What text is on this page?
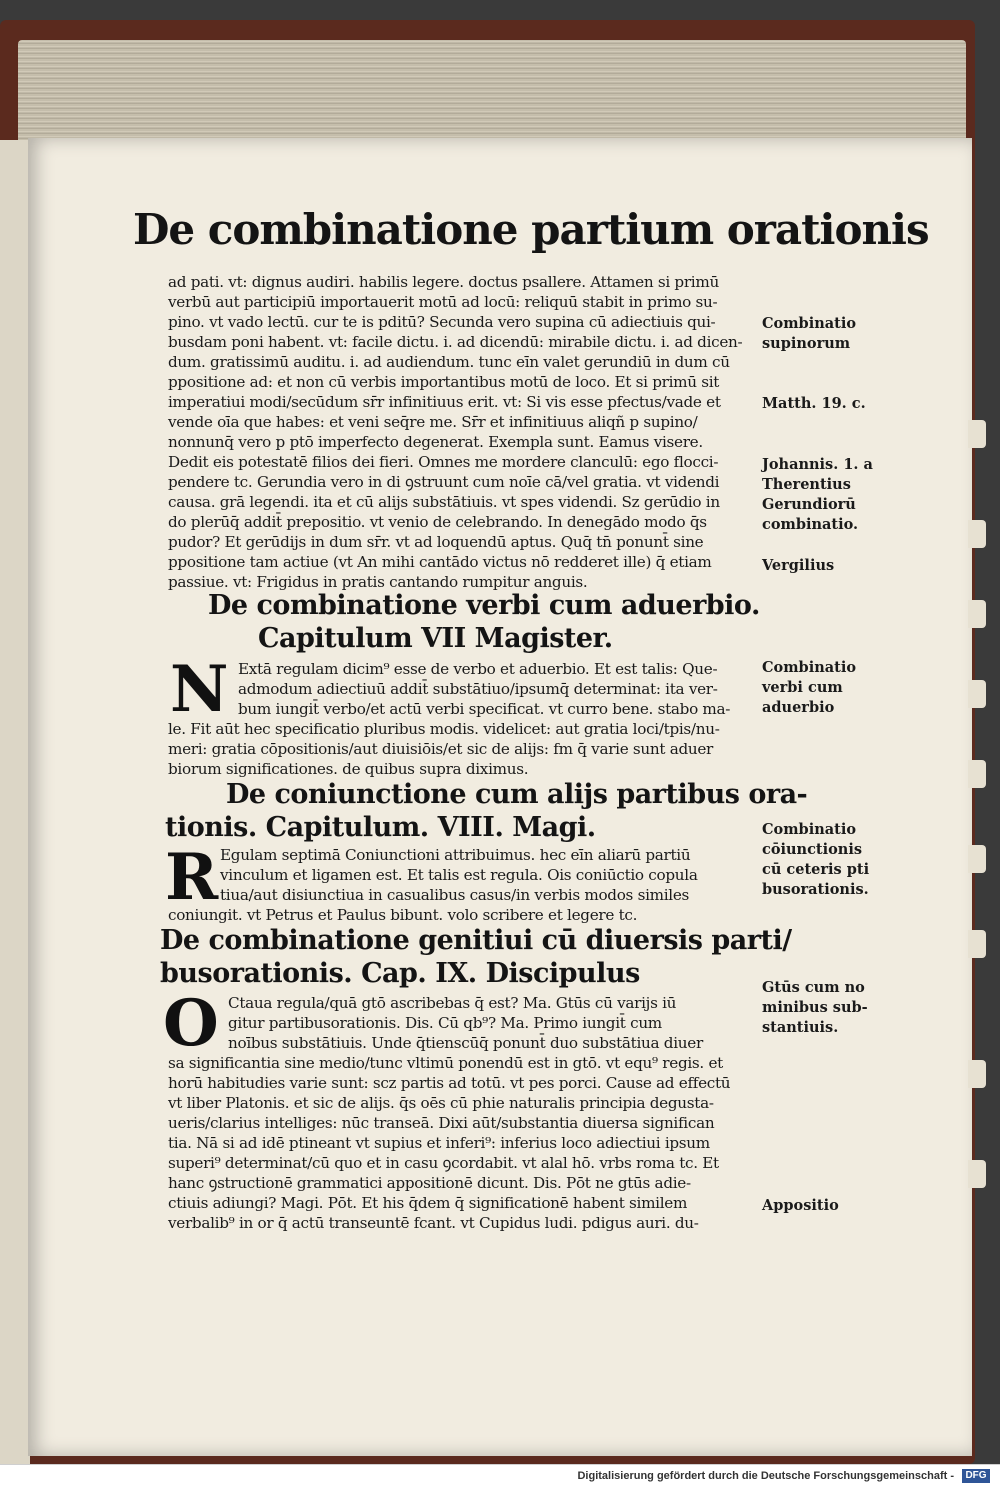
De combinatione partium orationis

ad pati. vt: dignus audiri. habilis legere. doctus psallere. Attamen si primū

verbū aut participiū importauerit motū ad locū: reliquū stabit in primo su-

pino. vt vado lectū. cur te is pditū? Secunda vero supina cū adiectiuis qui-

busdam poni habent. vt: facile dictu. i. ad dicendū: mirabile dictu. i. ad dicen-

dum. gratissimū auditu. i. ad audiendum. tunc eīn valet gerundiū in dum cū

ppositione ad: et non cū verbis importantibus motū de loco. Et si primū sit

imperatiui modi/secūdum sr̄r infinitiuus erit. vt: Si vis esse pfectus/vade et

vende oīa que habes: et veni seq̄re me. Sr̄r et infinitiuus aliqñ p supino/

nonnunq̄ vero p ptō imperfecto degenerat. Exempla sunt. Eamus visere.

Dedit eis potestatē filios dei fieri. Omnes me mordere clanculū: ego flocci-

pendere tc. Gerundia vero in di ꝯstruunt cum noīe cā/vel gratia. vt videndi

causa. grā legendi. ita et cū alijs substātiuis. vt spes videndi. Sz gerūdio in

do plerūq̄ addit̄ prepositio. vt venio de celebrando. In denegādo modo q̄s

pudor? Et gerūdijs in dum sr̄r. vt ad loquendū aptus. Quq̄ tn̄ ponunt̄ sine

ppositione tam actiue (vt An mihi cantādo victus nō redderet ille) q̄ etiam

passiue. vt: Frigidus in pratis cantando rumpitur anguis.

Combinatio

supinorum

Matth. 19. c.

Johannis. 1. a

Therentius

Gerundiorū

combinatio.

Vergilius

De combinatione verbi cum aduerbio.
Capitulum VII Magister.
N Extā regulam dicim⁹ esse de verbo et aduerbio. Et est talis: Que-

admodum adiectiuū addit̄ substātiuo/ipsumq̄ determinat: ita ver-

bum iungit̄ verbo/et actū verbi specificat. vt curro bene. stabo ma-

le. Fit aūt hec specificatio pluribus modis. videlicet: aut gratia loci/tpis/nu-

meri: gratia cōpositionis/aut diuisiōis/et sic de alijs: fm q̄ varie sunt aduer

biorum significationes. de quibus supra diximus.

Combinatio

verbi cum

aduerbio

De coniunctione cum alijs partibus ora-
tionis. Capitulum. VIII. Magi.
R Egulam septimā Coniunctioni attribuimus. hec eīn aliarū partiū

vinculum et ligamen est. Et talis est regula. Ois coniūctio copula

tiua/aut disiunctiua in casualibus casus/in verbis modos similes

coniungit. vt Petrus et Paulus bibunt. volo scribere et legere tc.

Combinatio

cōiunctionis

cū ceteris pti

busorationis.

De combinatione genitiui cū diuersis parti/
busorationis. Cap. IX. Discipulus
O Ctaua regula/quā gtō ascribebas q̄ est? Ma. Gtūs cū varijs iū

gitur partibusorationis. Dis. Cū qb⁹? Ma. Primo iungit̄ cum

noībus substātiuis. Unde q̄tienscūq̄ ponunt̄ duo substātiua diuer

sa significantia sine medio/tunc vltimū ponendū est in gtō. vt equ⁹ regis. et

horū habitudies varie sunt: scz partis ad totū. vt pes porci. Cause ad effectū

vt liber Platonis. et sic de alijs. q̄s oēs cū phie naturalis principia degusta-

ueris/clarius intelliges: nūc transeā. Dixi aūt/substantia diuersa significan

tia. Nā si ad idē ptineant vt supius et inferi⁹: inferius loco adiectiui ipsum

superi⁹ determinat/cū quo et in casu ꝯcordabit. vt alal hō. vrbs roma tc. Et

hanc ꝯstructionē grammatici appositionē dicunt. Dis. Pōt ne gtūs adie-

ctiuis adiungi? Magi. Pōt. Et his q̄dem q̄ significationē habent similem

verbalib⁹ in or q̄ actū transeuntē fcant. vt Cupidus ludi. pdigus auri. du-

Gtūs cum no

minibus sub-

stantiuis.

Appositio

Digitalisierung gefördert durch die Deutsche Forschungsgemeinschaft -	DFG
